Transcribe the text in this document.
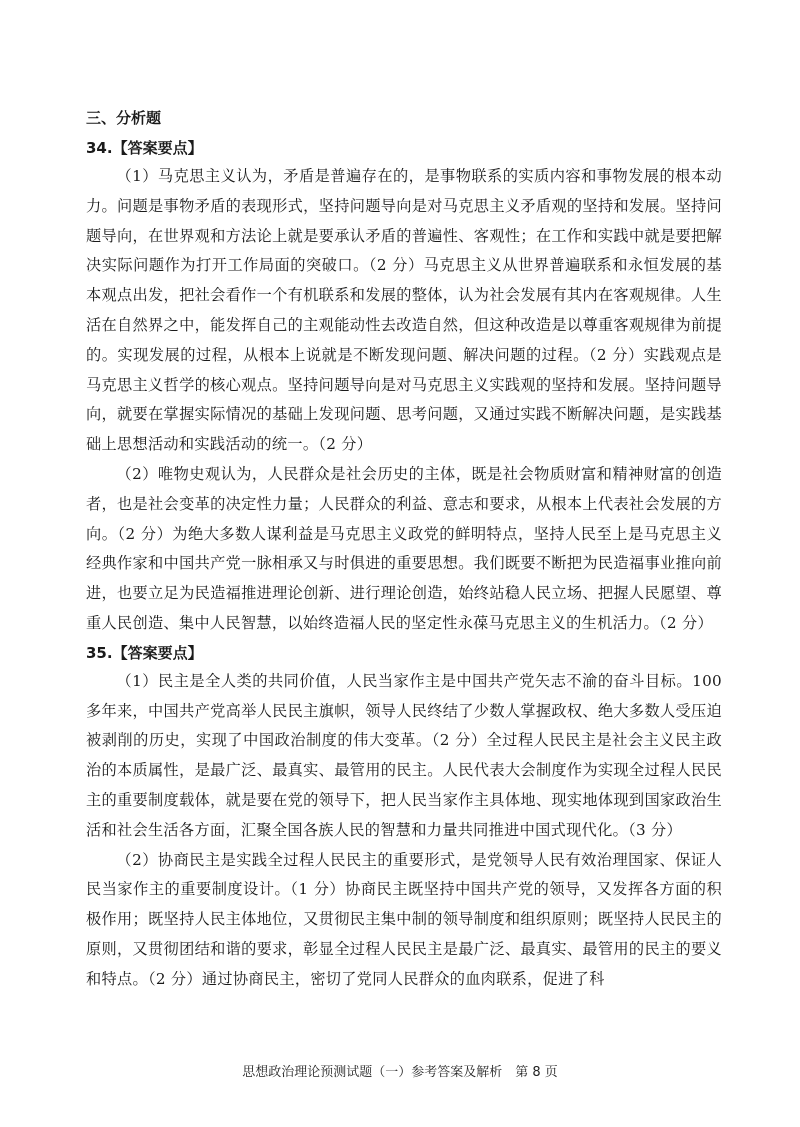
三、分析题
34.【答案要点】

（1）马克思主义认为，矛盾是普遍存在的，是事物联系的实质内容和事物发展的根本动力。问题是事物矛盾的表现形式，坚持问题导向是对马克思主义矛盾观的坚持和发展。坚持问题导向，在世界观和方法论上就是要承认矛盾的普遍性、客观性；在工作和实践中就是要把解决实际问题作为打开工作局面的突破口。（2 分）马克思主义从世界普遍联系和永恒发展的基本观点出发，把社会看作一个有机联系和发展的整体，认为社会发展有其内在客观规律。人生活在自然界之中，能发挥自己的主观能动性去改造自然，但这种改造是以尊重客观规律为前提的。实现发展的过程，从根本上说就是不断发现问题、解决问题的过程。（2 分）实践观点是马克思主义哲学的核心观点。坚持问题导向是对马克思主义实践观的坚持和发展。坚持问题导向，就要在掌握实际情况的基础上发现问题、思考问题，又通过实践不断解决问题，是实践基础上思想活动和实践活动的统一。（2 分）

（2）唯物史观认为，人民群众是社会历史的主体，既是社会物质财富和精神财富的创造者，也是社会变革的决定性力量；人民群众的利益、意志和要求，从根本上代表社会发展的方向。（2 分）为绝大多数人谋利益是马克思主义政党的鲜明特点，坚持人民至上是马克思主义经典作家和中国共产党一脉相承又与时俱进的重要思想。我们既要不断把为民造福事业推向前进，也要立足为民造福推进理论创新、进行理论创造，始终站稳人民立场、把握人民愿望、尊重人民创造、集中人民智慧，以始终造福人民的坚定性永葆马克思主义的生机活力。（2 分）

35.【答案要点】

（1）民主是全人类的共同价值，人民当家作主是中国共产党矢志不渝的奋斗目标。100 多年来，中国共产党高举人民民主旗帜，领导人民终结了少数人掌握政权、绝大多数人受压迫被剥削的历史，实现了中国政治制度的伟大变革。（2 分）全过程人民民主是社会主义民主政治的本质属性，是最广泛、最真实、最管用的民主。人民代表大会制度作为实现全过程人民民主的重要制度载体，就是要在党的领导下，把人民当家作主具体地、现实地体现到国家政治生活和社会生活各方面，汇聚全国各族人民的智慧和力量共同推进中国式现代化。（3 分）

（2）协商民主是实践全过程人民民主的重要形式，是党领导人民有效治理国家、保证人民当家作主的重要制度设计。（1 分）协商民主既坚持中国共产党的领导，又发挥各方面的积极作用；既坚持人民主体地位，又贯彻民主集中制的领导制度和组织原则；既坚持人民民主的原则，又贯彻团结和谐的要求，彰显全过程人民民主是最广泛、最真实、最管用的民主的要义和特点。（2 分）通过协商民主，密切了党同人民群众的血肉联系，促进了科

思想政治理论预测试题（一）参考答案及解析　第 8 页
